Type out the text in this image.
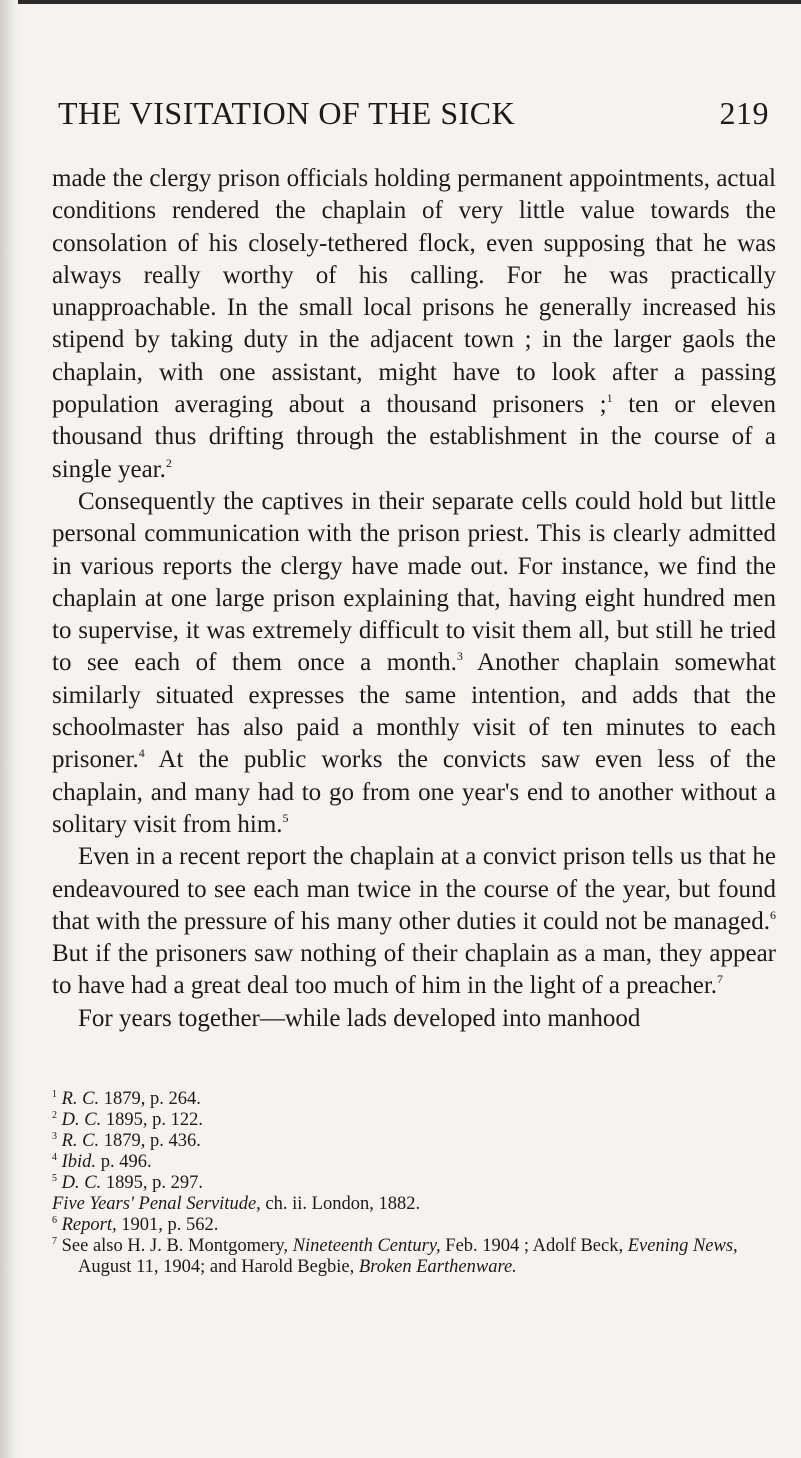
THE VISITATION OF THE SICK	219

made the clergy prison officials holding permanent appointments, actual conditions rendered the chaplain of very little value towards the consolation of his closely-tethered flock, even supposing that he was always really worthy of his calling. For he was practically unapproachable. In the small local prisons he generally increased his stipend by taking duty in the adjacent town ; in the larger gaols the chaplain, with one assistant, might have to look after a passing population averaging about a thousand prisoners ;$^1$ ten or eleven thousand thus drifting through the establishment in the course of a single year.$^2$

Consequently the captives in their separate cells could hold but little personal communication with the prison priest. This is clearly admitted in various reports the clergy have made out. For instance, we find the chaplain at one large prison explaining that, having eight hundred men to supervise, it was extremely difficult to visit them all, but still he tried to see each of them once a month.$^3$ Another chaplain somewhat similarly situated expresses the same intention, and adds that the schoolmaster has also paid a monthly visit of ten minutes to each prisoner.$^4$ At the public works the convicts saw even less of the chaplain, and many had to go from one year's end to another without a solitary visit from him.$^5$

Even in a recent report the chaplain at a convict prison tells us that he endeavoured to see each man twice in the course of the year, but found that with the pressure of his many other duties it could not be managed.$^6$ But if the prisoners saw nothing of their chaplain as a man, they appear to have had a great deal too much of him in the light of a preacher.$^7$

For years together—while lads developed into manhood

$^1$ R. C. 1879, p. 264.

$^2$ D. C. 1895, p. 122.

$^3$ R. C. 1879, p. 436.

$^4$ Ibid. p. 496.

$^5$ D. C. 1895, p. 297.

Five Years' Penal Servitude, ch. ii. London, 1882.

$^6$ Report, 1901, p. 562.

$^7$ See also H. J. B. Montgomery, Nineteenth Century, Feb. 1904 ; Adolf Beck, Evening News, August 11, 1904; and Harold Begbie, Broken Earthenware.
